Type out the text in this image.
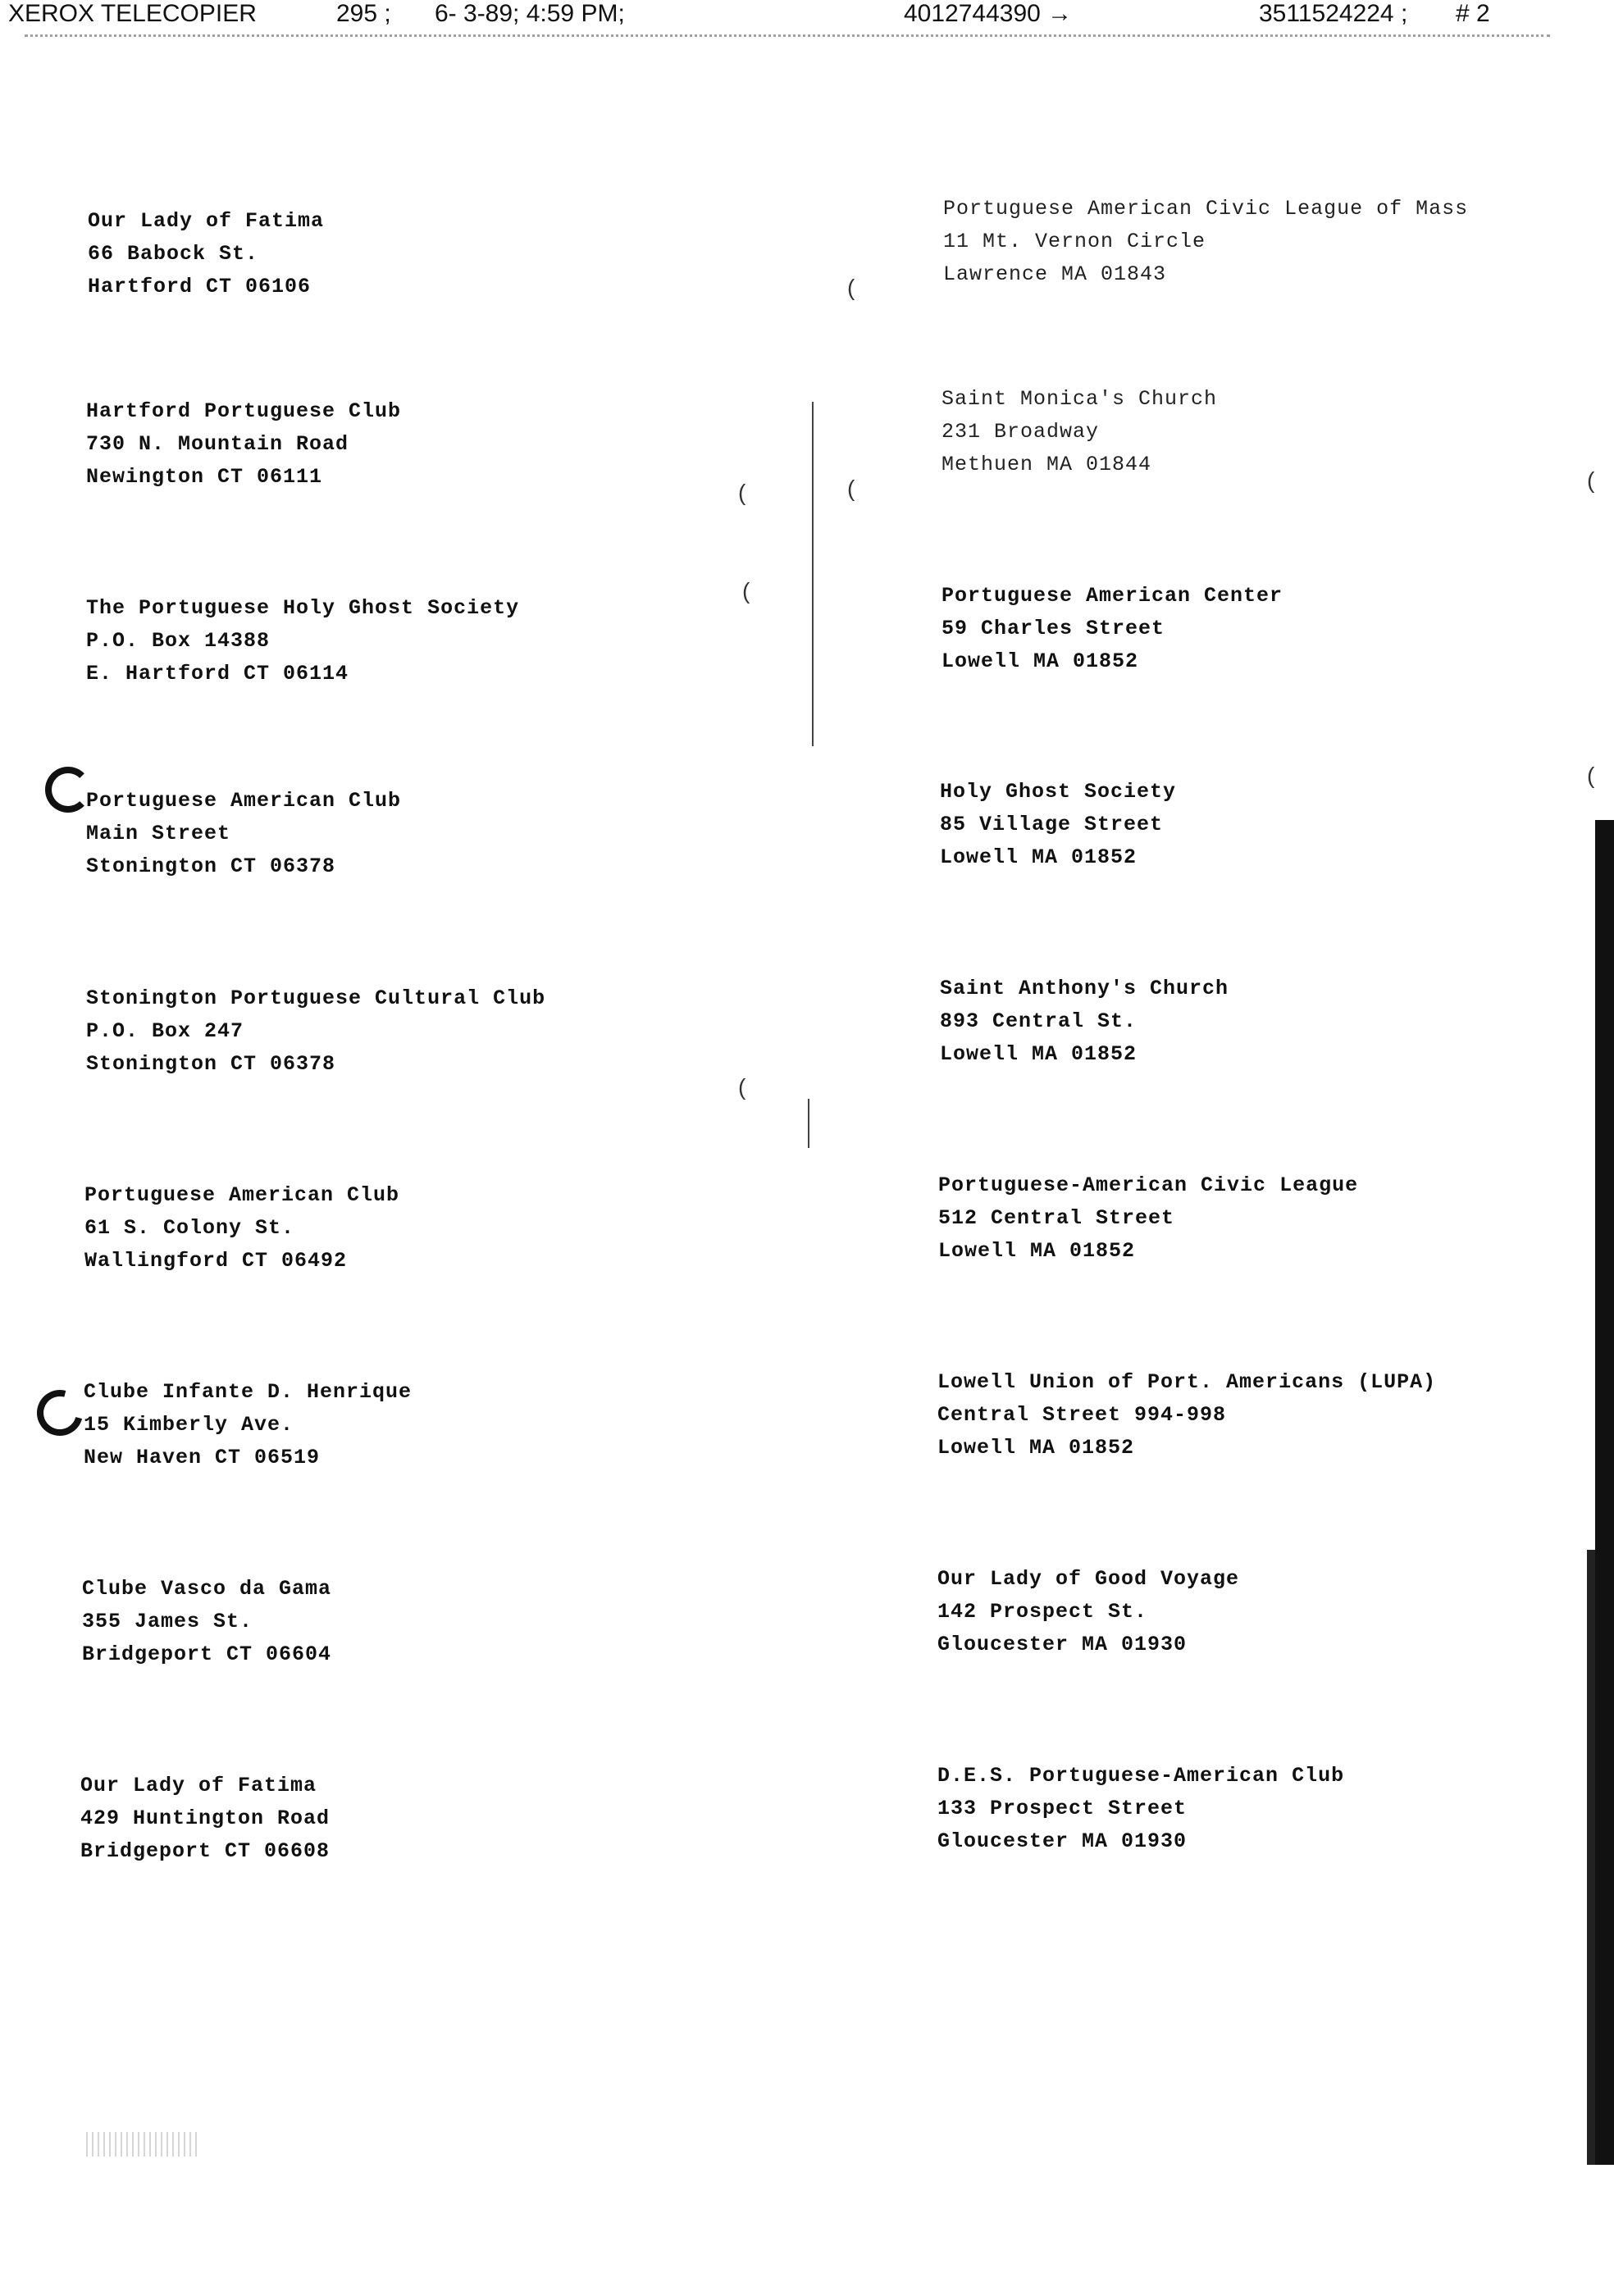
XEROX TELECOPIER	295 ; 6- 3-89; 4:59 PM;	4012744390 →	3511524224 ; # 2
Our Lady of Fatima
66 Babock St.
Hartford CT 06106
Hartford Portuguese Club
730 N. Mountain Road
Newington CT 06111
The Portuguese Holy Ghost Society
P.O. Box 14388
E. Hartford CT 06114
Portuguese American Club
Main Street
Stonington CT 06378
Stonington Portuguese Cultural Club
P.O. Box 247
Stonington CT 06378
Portuguese American Club
61 S. Colony St.
Wallingford CT 06492
Clube Infante D. Henrique
15 Kimberly Ave.
New Haven CT 06519
Clube Vasco da Gama
355 James St.
Bridgeport CT 06604
Our Lady of Fatima
429 Huntington Road
Bridgeport CT 06608
Portuguese American Civic League of Mass
11 Mt. Vernon Circle
Lawrence MA 01843
Saint Monica's Church
231 Broadway
Methuen MA 01844
Portuguese American Center
59 Charles Street
Lowell MA 01852
Holy Ghost Society
85 Village Street
Lowell MA 01852
Saint Anthony's Church
893 Central St.
Lowell MA 01852
Portuguese-American Civic League
512 Central Street
Lowell MA 01852
Lowell Union of Port. Americans (LUPA)
Central Street 994-998
Lowell MA 01852
Our Lady of Good Voyage
142 Prospect St.
Gloucester MA 01930
D.E.S. Portuguese-American Club
133 Prospect Street
Gloucester MA 01930
(	(
(
(
(
(
(
